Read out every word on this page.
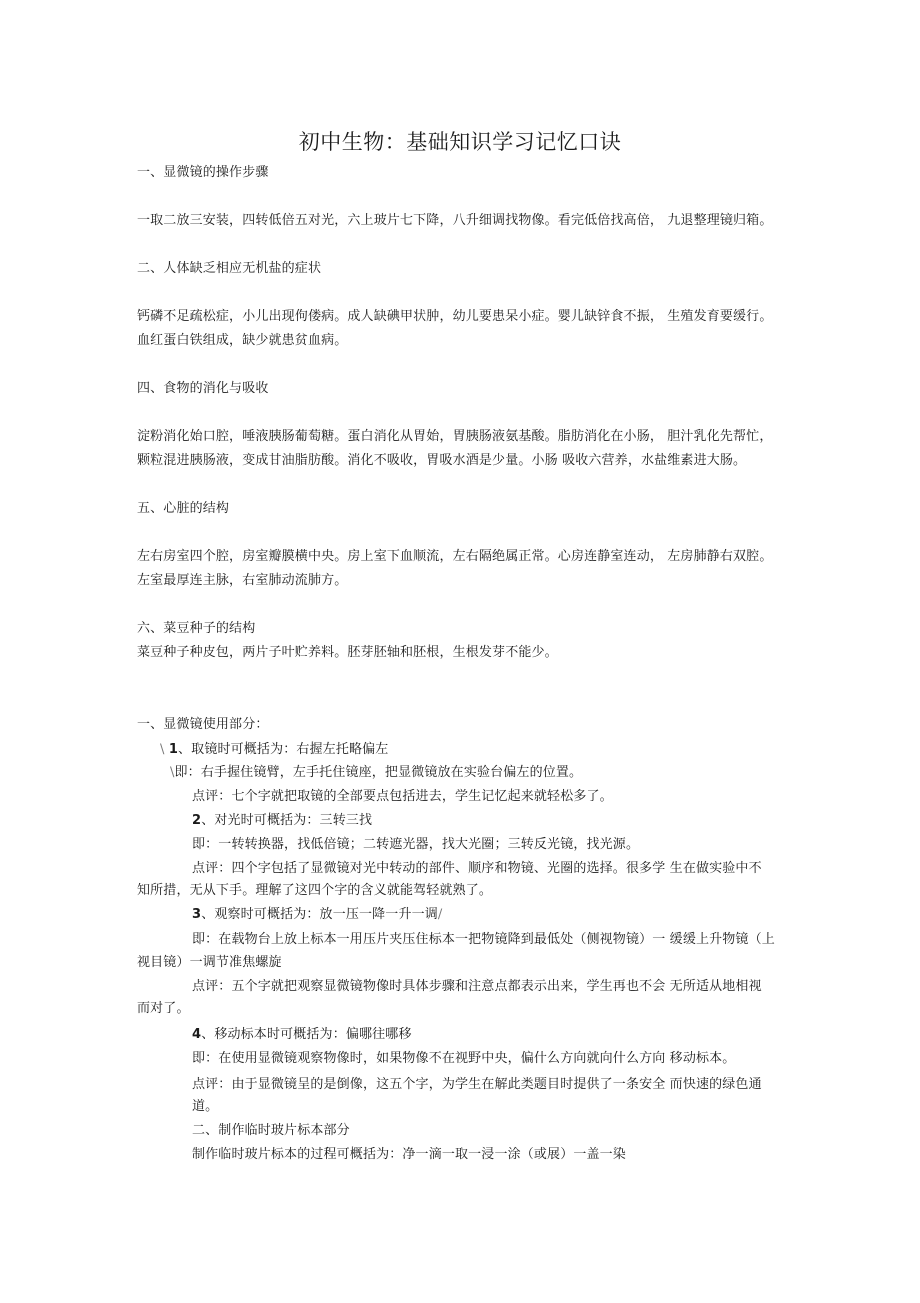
初中生物：基础知识学习记忆口诀
一、显微镜的操作步骤
一取二放三安装，四转低倍五对光，六上玻片七下降，八升细调找物像。看完低倍找高倍， 九退整理镜归箱。
二、人体缺乏相应无机盐的症状
钙磷不足疏松症，小儿出现佝偻病。成人缺碘甲状肿，幼儿要患呆小症。婴儿缺锌食不振， 生殖发育要缓行。
血红蛋白铁组成，缺少就患贫血病。
四、食物的消化与吸收
淀粉消化始口腔，唾液胰肠葡萄糖。蛋白消化从胃始，胃胰肠液氨基酸。脂肪消化在小肠， 胆汁乳化先帮忙，
颗粒混进胰肠液，变成甘油脂肪酸。消化不吸收，胃吸水酒是少量。小肠 吸收六营养，水盐维素进大肠。
五、心脏的结构
左右房室四个腔，房室瓣膜横中央。房上室下血顺流，左右隔绝属正常。心房连静室连动， 左房肺静右双腔。
左室最厚连主脉，右室肺动流肺方。
六、菜豆种子的结构
菜豆种子种皮包，两片子叶贮养料。胚芽胚轴和胚根，生根发芽不能少。
一、显微镜使用部分：
\ 1、取镜时可概括为：右握左托略偏左
\即：右手握住镜臂，左手托住镜座，把显微镜放在实验台偏左的位置。
点评：七个字就把取镜的全部要点包括进去，学生记忆起来就轻松多了。
2、对光时可概括为：三转三找
即：一转转换器，找低倍镜；二转遮光器，找大光圈；三转反光镜，找光源。
点评：四个字包括了显微镜对光中转动的部件、顺序和物镜、光圈的选择。很多学 生在做实验中不
知所措，无从下手。理解了这四个字的含义就能驾轻就熟了。
3、观察时可概括为：放一压一降一升一调/
即：在载物台上放上标本一用压片夹压住标本一把物镜降到最低处（侧视物镜）一 缓缓上升物镜（上
视目镜）一调节准焦螺旋
点评：五个字就把观察显微镜物像时具体步骤和注意点都表示出来，学生再也不会 无所适从地相视
而对了。
4、移动标本时可概括为：偏哪往哪移
即：在使用显微镜观察物像时，如果物像不在视野中央，偏什么方向就向什么方向 移动标本。
点评：由于显微镜呈的是倒像，这五个字，为学生在解此类题目时提供了一条安全 而快速的绿色通
道。
二、制作临时玻片标本部分
制作临时玻片标本的过程可概括为：净一滴一取一浸一涂（或展）一盖一染
